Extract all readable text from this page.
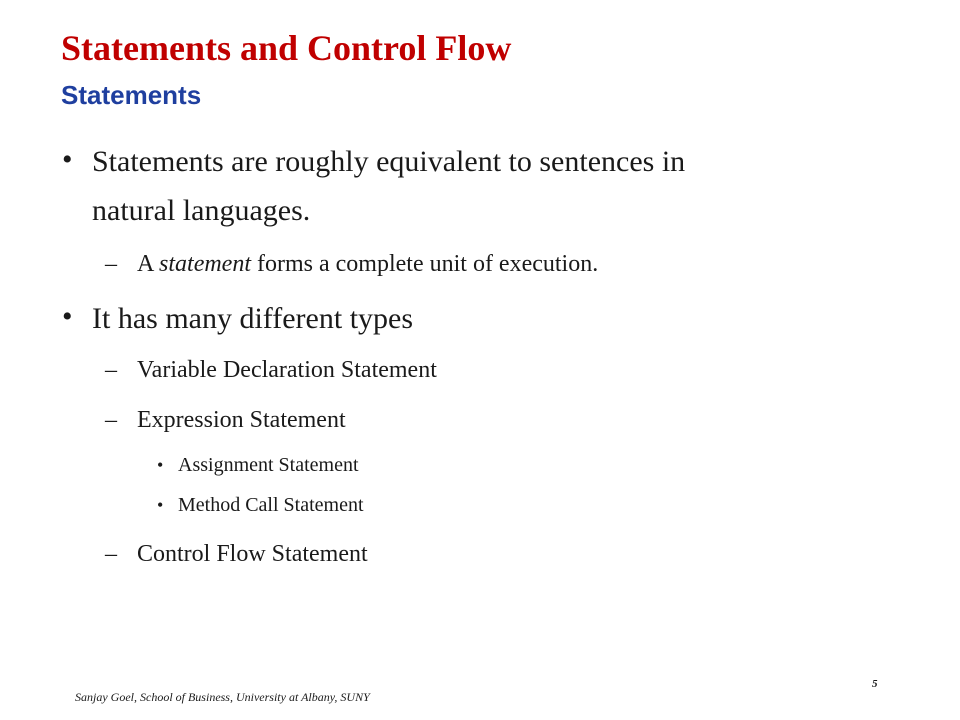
Statements and Control Flow
Statements
• Statements are roughly equivalent to sentences in
natural languages.
– A statement forms a complete unit of execution.
• It has many different types
– Variable Declaration Statement
– Expression Statement
• Assignment Statement
• Method Call Statement
– Control Flow Statement
5
Sanjay Goel, School of Business, University at Albany, SUNY
